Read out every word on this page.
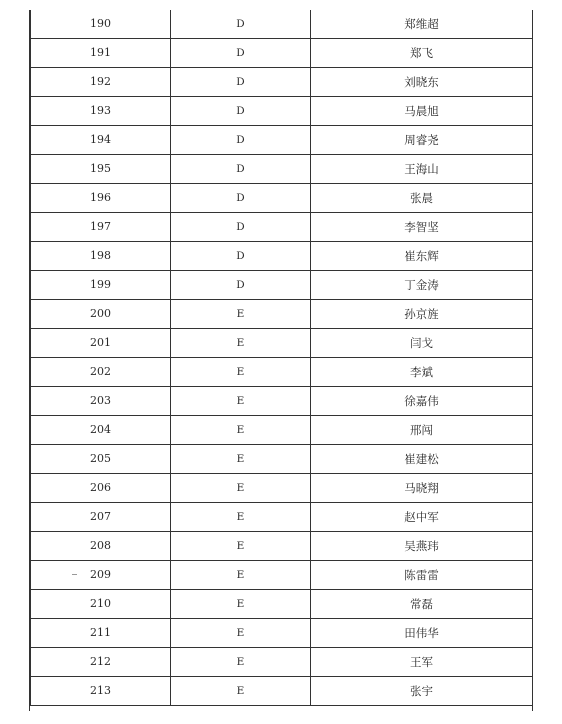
190	D	郑维超
191	D	郑飞
192	D	刘晓东
193	D	马晨旭
194	D	周睿尧
195	D	王海山
196	D	张晨
197	D	李智坚
198	D	崔东辉
199	D	丁金涛
200	E	孙京旌
201	E	闫戈
202	E	李斌
203	E	徐嘉伟
204	E	邢闯
205	E	崔建松
206	E	马晓翔
207	E	赵中军
208	E	吴燕玮
209	E	陈雷雷
210	E	常磊
211	E	田伟华
212	E	王军
213	E	张宇
